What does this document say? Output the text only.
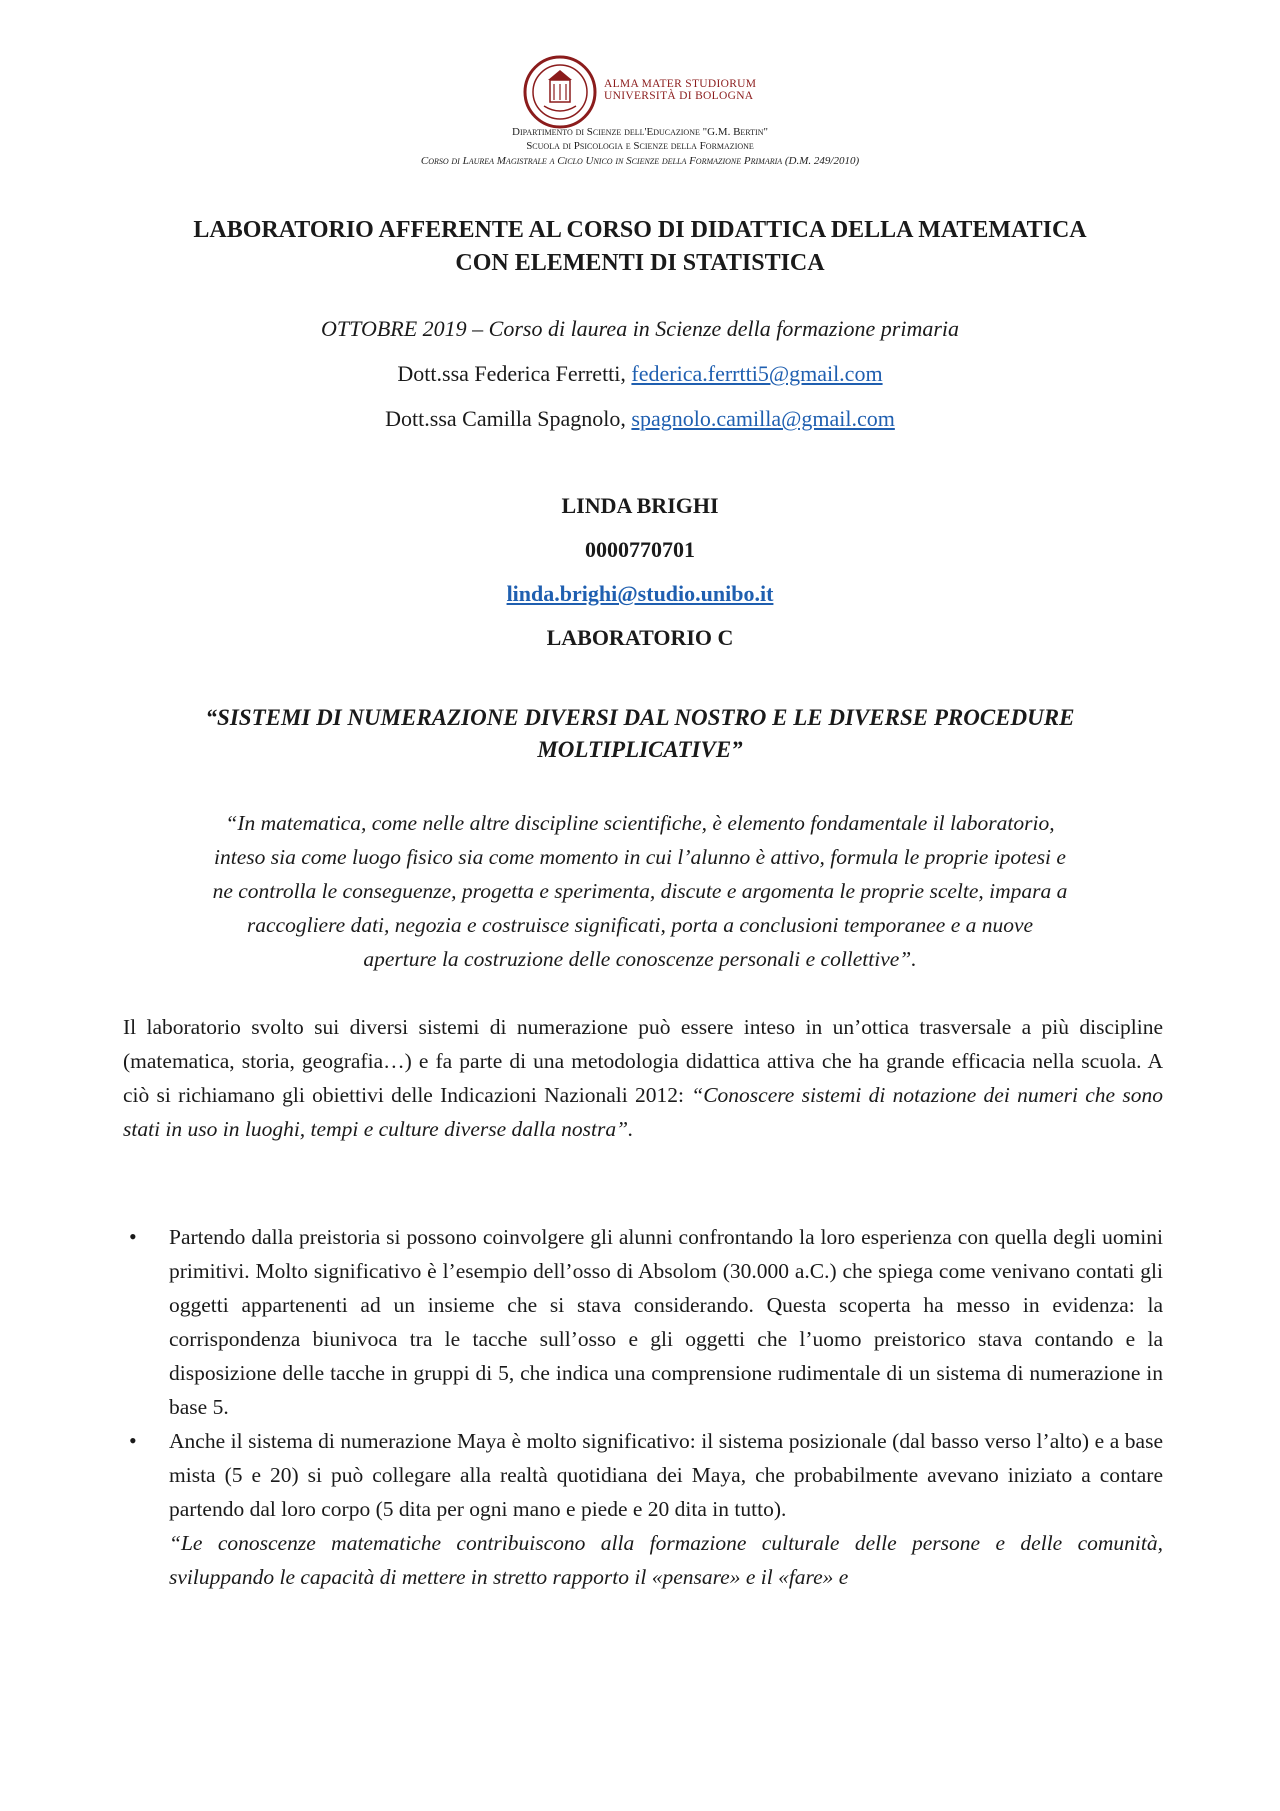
ALMA MATER STUDIORUM
UNIVERSITÀ DI BOLOGNA
Dipartimento di Scienze dell'Educazione "G.M. Bertin"
Scuola di Psicologia e Scienze della Formazione
Corso di Laurea Magistrale a Ciclo Unico in Scienze della Formazione Primaria (D.M. 249/2010)
LABORATORIO AFFERENTE AL CORSO DI DIDATTICA DELLA MATEMATICA
CON ELEMENTI DI STATISTICA
OTTOBRE 2019 – Corso di laurea in Scienze della formazione primaria
Dott.ssa Federica Ferretti, federica.ferrtti5@gmail.com
Dott.ssa Camilla Spagnolo, spagnolo.camilla@gmail.com
LINDA BRIGHI
0000770701
linda.brighi@studio.unibo.it
LABORATORIO C
“SISTEMI DI NUMERAZIONE DIVERSI DAL NOSTRO E LE DIVERSE PROCEDURE
MOLTIPLICATIVE”
“In matematica, come nelle altre discipline scientifiche, è elemento fondamentale il laboratorio,
inteso sia come luogo fisico sia come momento in cui l’alunno è attivo, formula le proprie ipotesi e
ne controlla le conseguenze, progetta e sperimenta, discute e argomenta le proprie scelte, impara a
raccogliere dati, negozia e costruisce significati, porta a conclusioni temporanee e a nuove
aperture la costruzione delle conoscenze personali e collettive”.
Il laboratorio svolto sui diversi sistemi di numerazione può essere inteso in un’ottica trasversale a più discipline (matematica, storia, geografia…) e fa parte di una metodologia didattica attiva che ha grande efficacia nella scuola. A ciò si richiamano gli obiettivi delle Indicazioni Nazionali 2012: “Conoscere sistemi di notazione dei numeri che sono stati in uso in luoghi, tempi e culture diverse dalla nostra”.
• Partendo dalla preistoria si possono coinvolgere gli alunni confrontando la loro esperienza con quella degli uomini primitivi. Molto significativo è l’esempio dell’osso di Absolom (30.000 a.C.) che spiega come venivano contati gli oggetti appartenenti ad un insieme che si stava considerando. Questa scoperta ha messo in evidenza: la corrispondenza biunivoca tra le tacche sull’osso e gli oggetti che l’uomo preistorico stava contando e la disposizione delle tacche in gruppi di 5, che indica una comprensione rudimentale di un sistema di numerazione in base 5.
• Anche il sistema di numerazione Maya è molto significativo: il sistema posizionale (dal basso verso l’alto) e a base mista (5 e 20) si può collegare alla realtà quotidiana dei Maya, che probabilmente avevano iniziato a contare partendo dal loro corpo (5 dita per ogni mano e piede e 20 dita in tutto).
“Le conoscenze matematiche contribuiscono alla formazione culturale delle persone e delle comunità, sviluppando le capacità di mettere in stretto rapporto il «pensare» e il «fare» e
